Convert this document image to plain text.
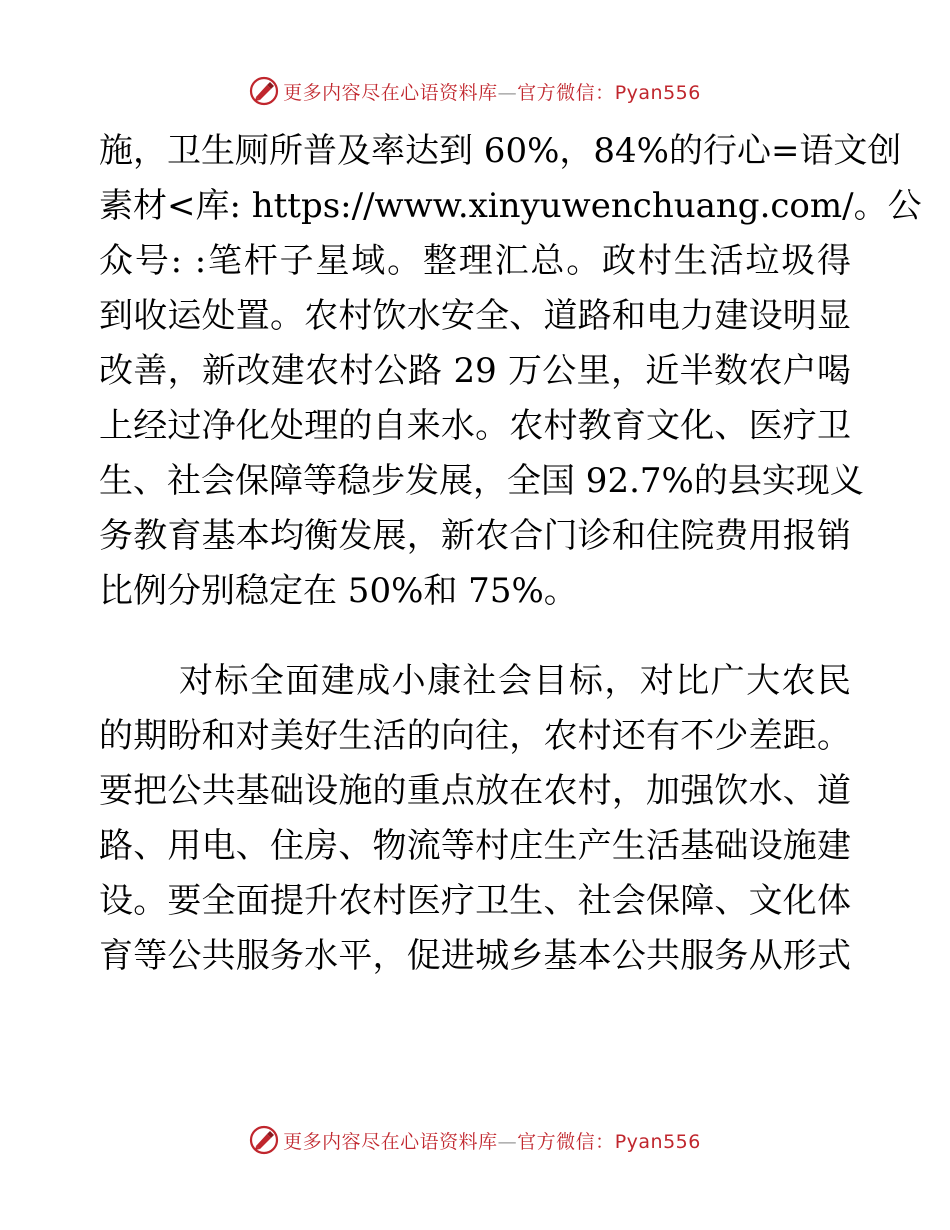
更多内容尽在心语资料库—官方微信：Pyan556
施，卫生厕所普及率达到 60%，84%的行心=语文创
素材<库: https://www.xinyuwenchuang.com/。公
众号: :笔杆子星域。整理汇总。政村生活垃圾得
到收运处置。农村饮水安全、道路和电力建设明显
改善，新改建农村公路 29 万公里，近半数农户喝
上经过净化处理的自来水。农村教育文化、医疗卫
生、社会保障等稳步发展，全国 92.7%的县实现义
务教育基本均衡发展，新农合门诊和住院费用报销
比例分别稳定在 50%和 75%。
对标全面建成小康社会目标，对比广大农民
的期盼和对美好生活的向往，农村还有不少差距。
要把公共基础设施的重点放在农村，加强饮水、道
路、用电、住房、物流等村庄生产生活基础设施建
设。要全面提升农村医疗卫生、社会保障、文化体
育等公共服务水平，促进城乡基本公共服务从形式
更多内容尽在心语资料库—官方微信：Pyan556
